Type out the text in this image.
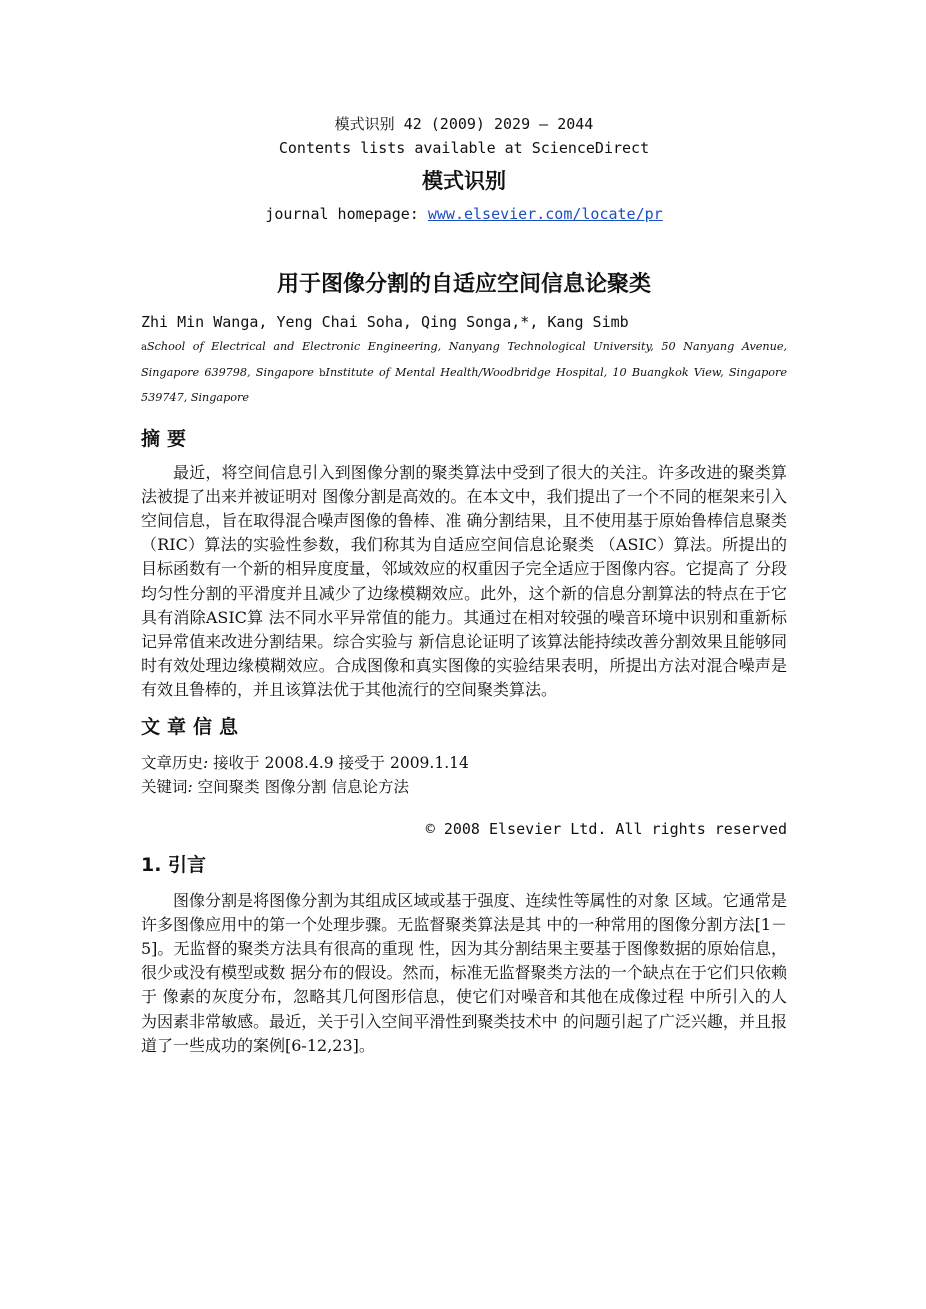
模式识别 42 (2009) 2029 – 2044
Contents lists available at ScienceDirect
模式识别
journal homepage: www.elsevier.com/locate/pr
用于图像分割的自适应空间信息论聚类
Zhi Min Wanga, Yeng Chai Soha, Qing Songa,*, Kang Simb
aSchool of Electrical and Electronic Engineering, Nanyang Technological University, 50 Nanyang Avenue, Singapore 639798, Singapore bInstitute of Mental Health/Woodbridge Hospital, 10 Buangkok View, Singapore 539747, Singapore
摘要

最近，将空间信息引入到图像分割的聚类算法中受到了很大的关注。许多改进的聚类算法被提了出来并被证明对 图像分割是高效的。在本文中，我们提出了一个不同的框架来引入空间信息，旨在取得混合噪声图像的鲁棒、准 确分割结果，且不使用基于原始鲁棒信息聚类（RIC）算法的实验性参数，我们称其为自适应空间信息论聚类 （ASIC）算法。所提出的目标函数有一个新的相异度度量，邻域效应的权重因子完全适应于图像内容。它提高了 分段均匀性分割的平滑度并且减少了边缘模糊效应。此外，这个新的信息分割算法的特点在于它具有消除ASIC算 法不同水平异常值的能力。其通过在相对较强的噪音环境中识别和重新标记异常值来改进分割结果。综合实验与 新信息论证明了该算法能持续改善分割效果且能够同时有效处理边缘模糊效应。合成图像和真实图像的实验结果表明，所提出方法对混合噪声是有效且鲁棒的，并且该算法优于其他流行的空间聚类算法。

文章信息
文章历史: 接收于 2008.4.9 接受于 2009.1.14
关键词: 空间聚类 图像分割 信息论方法
© 2008 Elsevier Ltd. All rights reserved
1. 引言

图像分割是将图像分割为其组成区域或基于强度、连续性等属性的对象 区域。它通常是许多图像应用中的第一个处理步骤。无监督聚类算法是其 中的一种常用的图像分割方法[1－5]。无监督的聚类方法具有很高的重现 性，因为其分割结果主要基于图像数据的原始信息，很少或没有模型或数 据分布的假设。然而，标准无监督聚类方法的一个缺点在于它们只依赖于 像素的灰度分布，忽略其几何图形信息，使它们对噪音和其他在成像过程 中所引入的人为因素非常敏感。最近，关于引入空间平滑性到聚类技术中 的问题引起了广泛兴趣，并且报道了一些成功的案例[6-12,23]。
